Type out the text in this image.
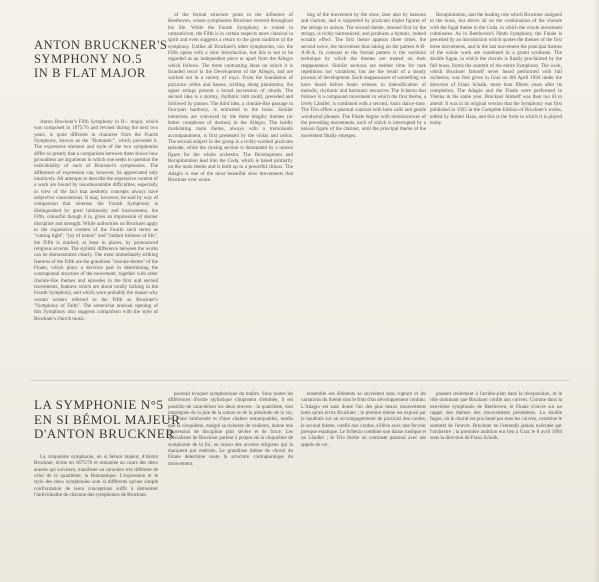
ANTON BRUCKNER'S
SYMPHONY NO.5
IN B FLAT MAJOR

Anton Bruckner's Fifth Symphony in B♭ major, which was composed in 1875/76 and revised during the next two years, is quite different in character from the Fourth Symphony, known as the "Romantic", which preceded it. The expressive element and style of the two symphonies differ so greatly that a comparison between them shows how groundless are arguments in which one seeks to question the individuality of each of Bruckner's symphonies. The difference of expression can, however, be appreciated only intuitively. All attempts to describe the expressive content of a work are bound by insurmountable difficulties, especially in view of the fact that aesthetic concepts always have subjective connotations. It may, however, be said by way of comparison that whereas the Fourth Symphony is distinguished by great luminosity and lusciousness, the Fifth, colourful though it is, gives an impression of sterner discipline and strength. While authorities on Bruckner apply to the expressive content of the Fourth such terms as "cutting light", "joy of nature" and "radiant fullness of life", the Fifth is marked, at least in places, by pronounced religious accents. The stylistic difference between the works can be demonstrated clearly. The most immediately striking features of the Fifth are the grandiose "chorale-theme" of the Finale, which plays a decisive part in determining the contrapuntal structure of the movement, together with other chorale-like themes and episodes in the first and second movements, features which are about totally lacking in the Fourth Symphony, and which were probably the reason why certain writers referred to the Fifth as Bruckner's "Symphony of Faith". The somewhat unusual opening of this Symphony also suggests comparison with the style of Bruckner's church music.

of the formal structure point to the influence of Beethoven, whose symphonies Bruckner revered throughout his life. While the Fourth Symphony is rooted in romanticism, the Fifth is in certain respects more classical in spirit and even suggests a return to the great tradition of the symphony. Unlike all Bruckner's other symphonies, too, the Fifth opens with a slow Introduction, but this is not to be regarded as an independent piece or apart from the Allegro which follows. The three contrasting ideas on which it is founded recur in the Development of the Allegro, and are worked out in a variety of ways. From the foundation of pizzicato cellos and basses, striding along pianissimo, the upper strings present a broad succession of chords. The second idea is a stormy, rhythmic tutti motif, preceded and followed by pauses. The third idea, a chorale-like passage in four-part harmony, is entrusted to the brass. Similar intentions are conveyed by the three lengthy themes (or better complexes of themes) in the Allegro. The boldly modulating main theme, always with a tremolando accompaniment, is first presented by the violas and cellos. The second subject in the group is a richly-worked pizzicato episode, while the closing section is dominated by a unison figure for the whole orchestra. The Development and Recapitulation lead into the Coda, which is based primarily on the main theme and is built up to a powerful climax. The Adagio is one of the most beautiful slow movements that Bruckner ever wrote.

ting of the movement by the oboe, later also by bassoon and clarinet, and is supported by pizzicato triplet figures of the strings in unison. The second theme, intoned first by the strings, is richly harmonized, and produces a hymnic, indeed ecstatic effect. The first theme appears three times, the second twice, the movement thus taking on the pattern A-B-A-B-A. In contrast to the formal pattern is the variation technique by which the themes are treated on their reappearance. Similar sections are neither time for note repetitions nor variations, but are the result of a steady process of development. Each reappearance of something we have heard before bears witness to intensification of melodic, rhythmic and harmonic resources. The Scherzo that follows is a compound movement in which the first theme, a lively Ländler, is combined with a second, rustic dance-tune. The Trio offers a pastoral contrast with horn calls and gentle woodwind phrases. The Finale begins with reminiscences of the preceding movements, each of which is interrupted by a unison figure of the clarinet, until the principal theme of the movement finally emerges.

Recapitulation, and the leading role which Bruckner assigned to the brass, but above all on the combination of the chorale with the fugal theme in the Coda, in which the whole movement culminates. As in Beethoven's Ninth Symphony, the Finale is preceded by an introduction which quotes the themes of the first three movements, and in the last movement the principal themes of the whole work are combined in a grand synthesis. The double fugue, in which the chorale is finally proclaimed by the full brass, forms the summit of the entire Symphony. The work, which Bruckner himself never heard performed with full orchestra, was first given in Graz on 8th April 1894 under the direction of Franz Schalk, more than fifteen years after its completion. The Adagio and the Finale were performed in Vienna in the same year. Bruckner himself was then too ill to attend. It was in its original version that the Symphony was first published in 1935 in the Complete Edition of Bruckner's works, edited by Robert Haas, and this is the form in which it is played today.

LA SYMPHONIE N°5
EN SI BÉMOL MAJEUR
D'ANTON BRUCKNER

La cinquième symphonie, en si bémol majeur, d'Anton Bruckner, écrite en 1875/76 et remaniée au cours des deux années qui suivirent, manifeste un caractère très différent de celui de la quatrième, la Romantique. L'expression et le style des deux symphonies sont si différents qu'une simple confrontation de leurs conceptions suffit à démontrer l'individualité de chacune des symphonies de Bruckner.

pourrait évoquer symphonique du maître. Sous toutes les différences d'ordre stylistique s'imposent d'emblée, il est possible de caractériser les deux œuvres : la quatrième, tout imprégnée de la joie de la nature et de la plénitude de la vie, est d'une luminosité et d'une chaleur remarquables, tandis que la cinquième, malgré sa richesse de couleurs, donne une impression de discipline plus sévère et de force. Les spécialistes de Bruckner parlent à propos de la cinquième de symphonie de la foi, en raison des accents religieux qui la marquent par endroits. Le grandiose thème de choral du Finale détermine toute la structure contrapuntique du mouvement.

ensemble ses éléments se succèdent sans rupture et les variations du thème sont le fruit d'un développement continu. L'Adagio est sans doute l'un des plus beaux mouvements lents qu'ait écrits Bruckner ; le premier thème est exposé par le hautbois sur un accompagnement de pizzicati des cordes, le second thème, confié aux cordes, s'élève avec une ferveur presque extatique. Le Scherzo combine une danse rustique et un Ländler ; le Trio forme un contraste pastoral avec ses appels de cor.

passent seulement à l'arrière-plan dans la réexposition, et le rôle dominant que Bruckner confie aux cuivres. Comme dans la neuvième symphonie de Beethoven, le Finale s'ouvre sur un rappel des thèmes des mouvements précédents. La double fugue, où le choral est proclamé par tous les cuivres, constitue le sommet de l'œuvre. Bruckner ne l'entendit jamais exécutée par l'orchestre ; la première audition eut lieu à Graz le 8 avril 1894 sous la direction de Franz Schalk.
